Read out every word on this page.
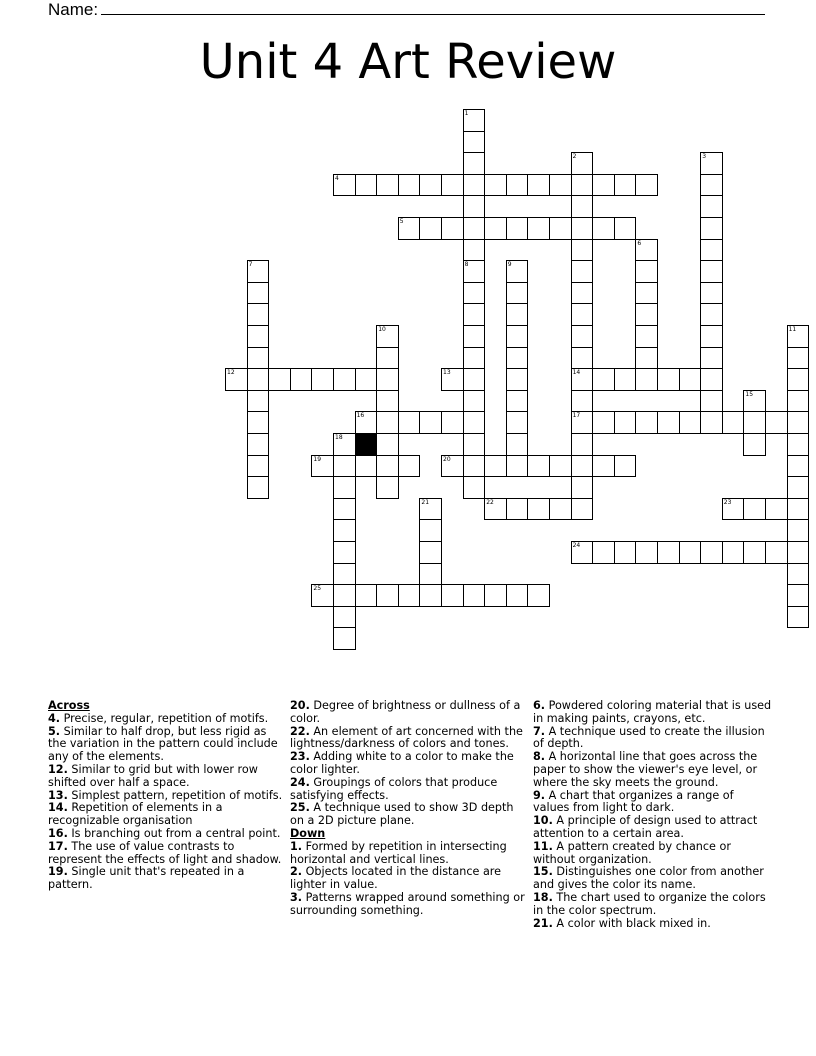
Name:
Unit 4 Art Review
1
8
2
14
17
3
4
5
6
7	9
10	11
12	13
15
16
18
19	20
21	22	23
24
25
Across
4. Precise, regular, repetition of motifs.
5. Similar to half drop, but less rigid as the variation in the pattern could include any of the elements.
12. Similar to grid but with lower row shifted over half a space.
13. Simplest pattern, repetition of motifs.
14. Repetition of elements in a recognizable organisation
16. Is branching out from a central point.
17. The use of value contrasts to represent the effects of light and shadow.
19. Single unit that's repeated in a pattern.
20. Degree of brightness or dullness of a color.
22. An element of art concerned with the lightness/darkness of colors and tones.
23. Adding white to a color to make the color lighter.
24. Groupings of colors that produce satisfying effects.
25. A technique used to show 3D depth on a 2D picture plane.
Down
1. Formed by repetition in intersecting horizontal and vertical lines.
2. Objects located in the distance are lighter in value.
3. Patterns wrapped around something or surrounding something.
6. Powdered coloring material that is used in making paints, crayons, etc.
7. A technique used to create the illusion of depth.
8. A horizontal line that goes across the paper to show the viewer's eye level, or where the sky meets the ground.
9. A chart that organizes a range of values from light to dark.
10. A principle of design used to attract attention to a certain area.
11. A pattern created by chance or without organization.
15. Distinguishes one color from another and gives the color its name.
18. The chart used to organize the colors in the color spectrum.
21. A color with black mixed in.
